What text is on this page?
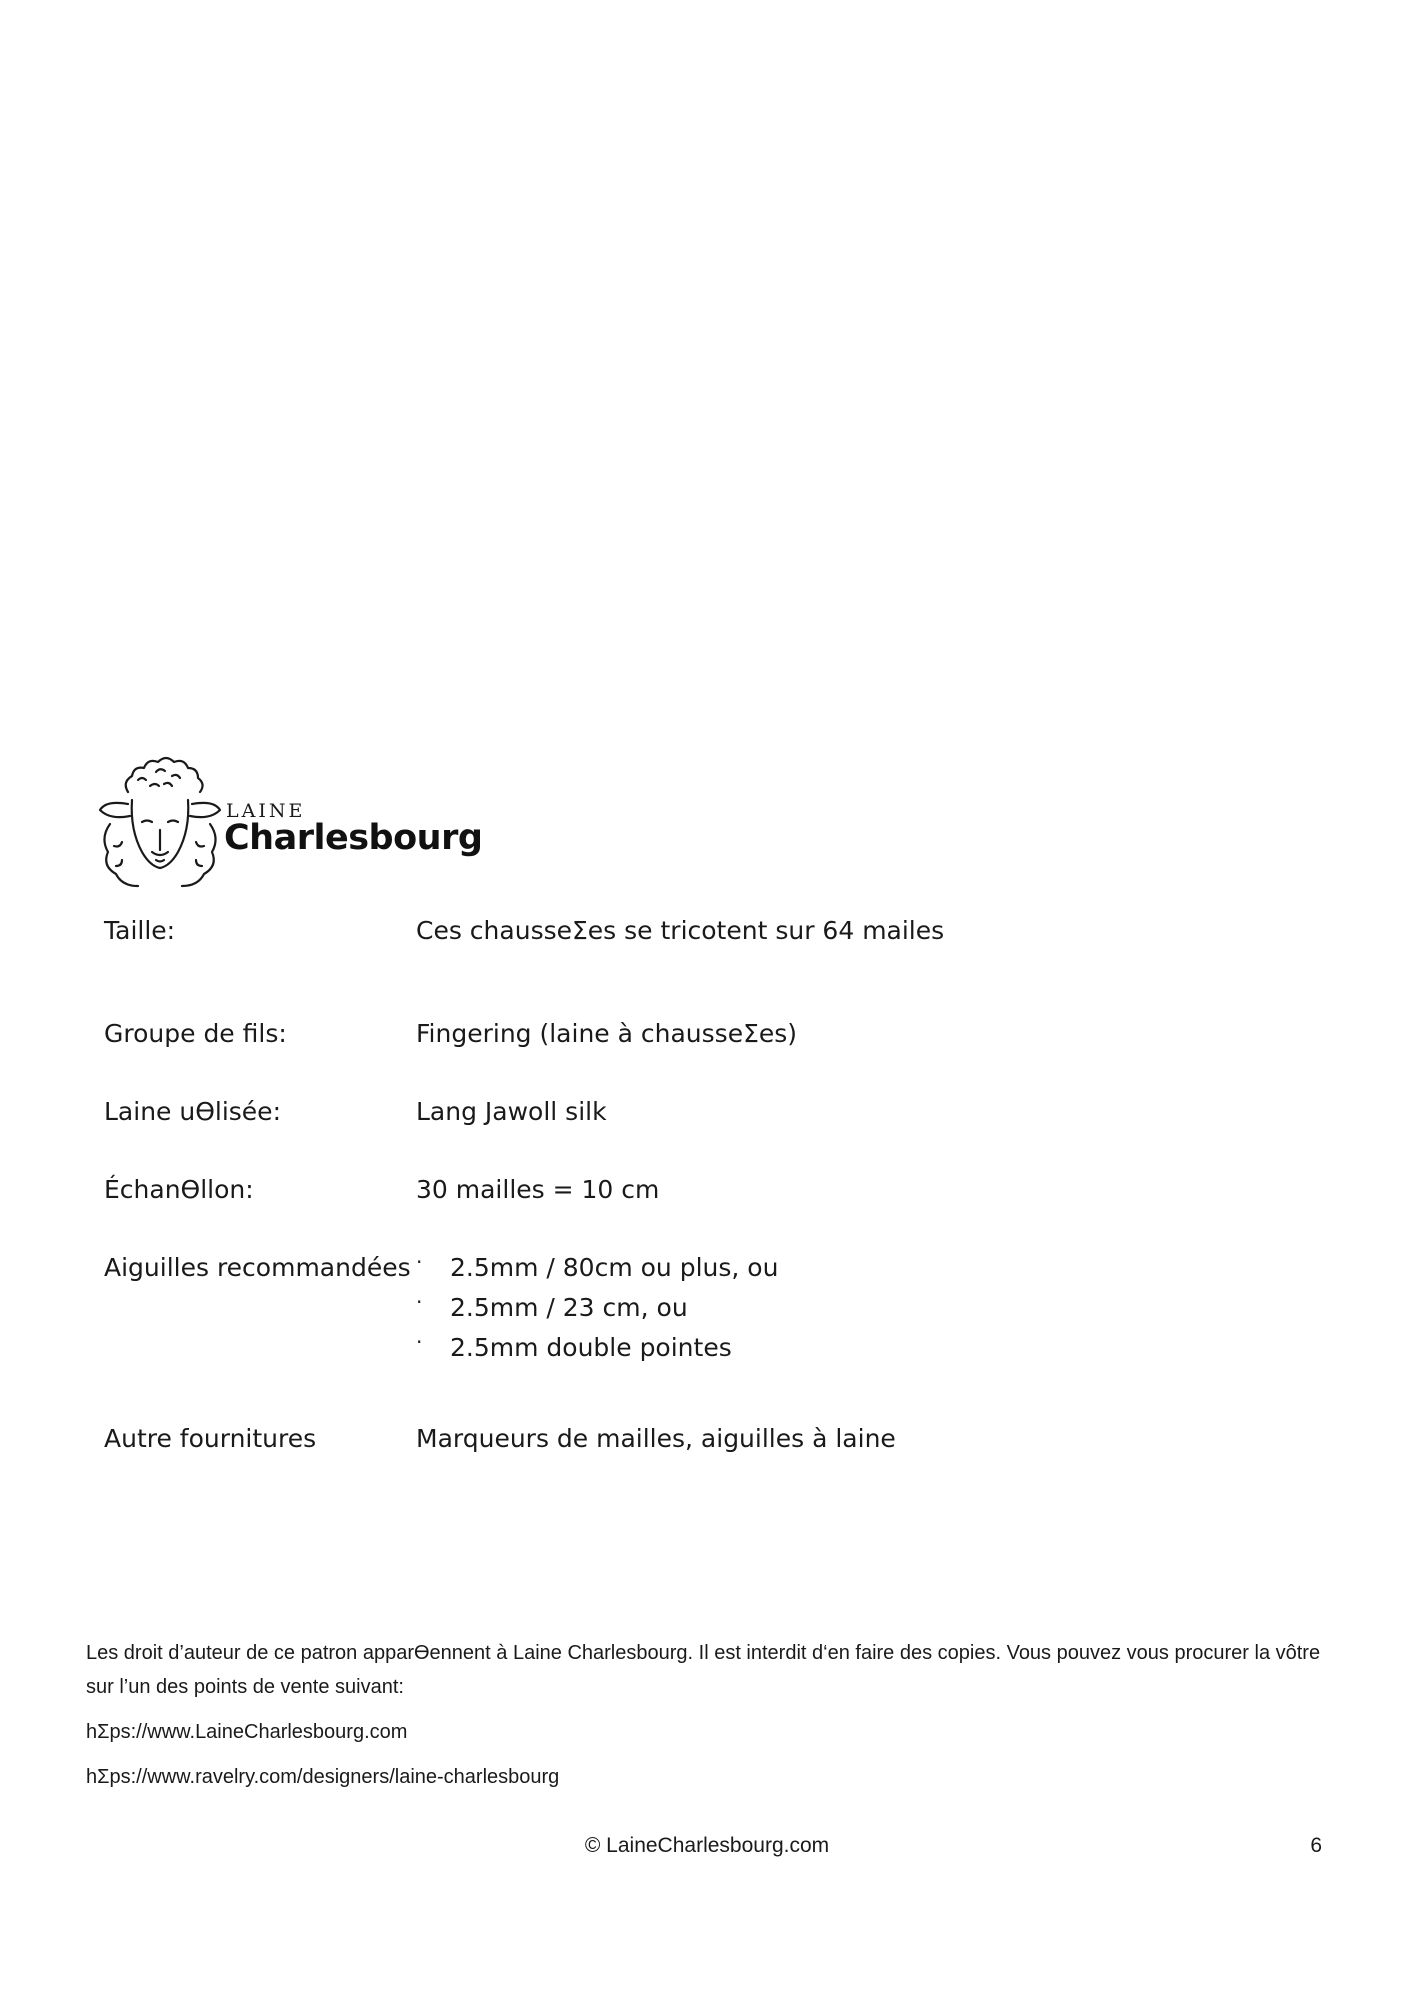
LAINE
Charlesbourg
Taille:	Ces chausseΣes se tricotent sur 64 mailes
Groupe de fils:	Fingering (laine à chausseΣes)
Laine uϴlisée:	Lang Jawoll silk
Échanϴllon:	30 mailles = 10 cm
Aiguilles recommandées · 2.5mm / 80cm ou plus, ou
· 2.5mm / 23 cm, ou
· 2.5mm double pointes
Autre fournitures	Marqueurs de mailles, aiguilles à laine

Les droit d’auteur de ce patron apparϴennent à Laine Charlesbourg. Il est interdit d‘en faire des copies. Vous pouvez vous procurer la vôtre sur l’un des points de vente suivant:

hΣps://www.LaineCharlesbourg.com

hΣps://www.ravelry.com/designers/laine-charlesbourg

© LaineCharlesbourg.com	6
